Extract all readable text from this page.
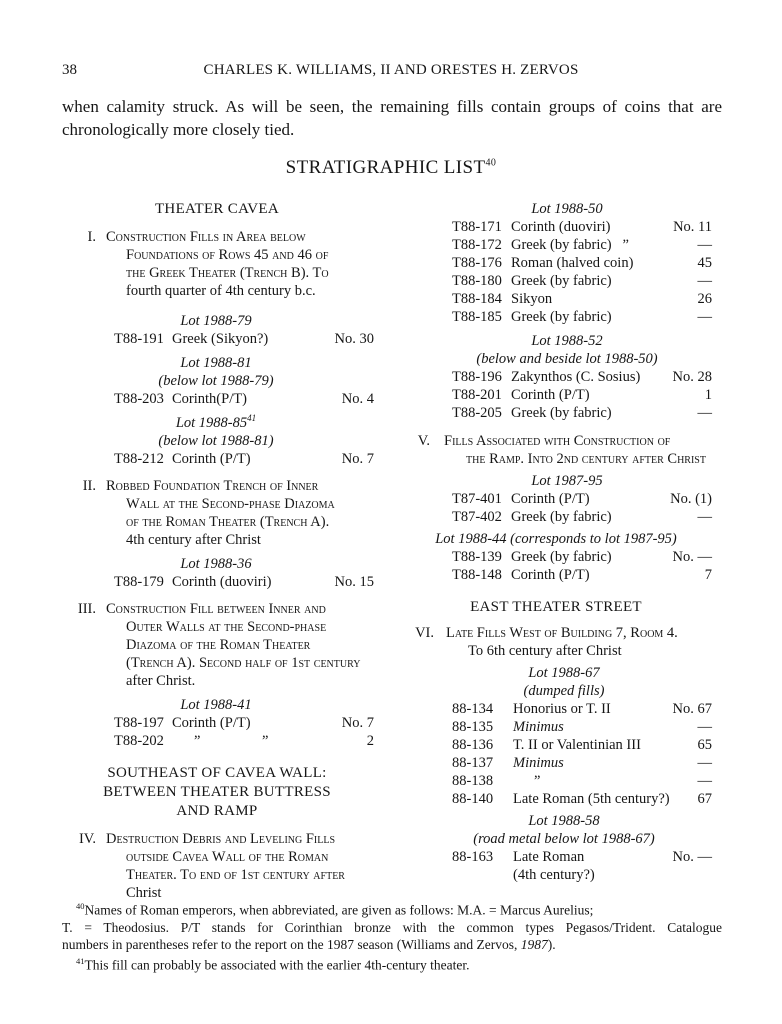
38	CHARLES K. WILLIAMS, II AND ORESTES H. ZERVOS
when calamity struck. As will be seen, the remaining fills contain groups of coins that are
chronologically more closely tied.
STRATIGRAPHIC LIST$^{40}$
THEATER CAVEA
I. Construction Fills in Area below
Foundations of Rows 45 and 46 of
the Greek Theater (Trench B). To
fourth quarter of 4th century b.c.
Lot 1988-79
T88-191 Greek (Sikyon?)	No. 30
Lot 1988-81
(below lot 1988-79)
T88-203 Corinth(P/T)	No. 4
Lot 1988-85$^{41}$
(below lot 1988-81)
T88-212 Corinth (P/T)	No. 7
II. Robbed Foundation Trench of Inner
Wall at the Second-phase Diazoma
of the Roman Theater (Trench A).
4th century after Christ
Lot 1988-36
T88-179 Corinth (duoviri)	No. 15
III. Construction Fill between Inner and
Outer Walls at the Second-phase
Diazoma of the Roman Theater
(Trench A). Second half of 1st century
after Christ.
Lot 1988-41
T88-197 Corinth (P/T)	No. 7
T88-202 ”	”	2
SOUTHEAST OF CAVEA WALL:
BETWEEN THEATER BUTTRESS
AND RAMP
IV. Destruction Debris and Leveling Fills
outside Cavea Wall of the Roman
Theater. To end of 1st century after
Christ
Lot 1988-50
T88-171 Corinth (duoviri)	No. 11
T88-172 Greek (by fabric)   ”	—
T88-176 Roman (halved coin)	45
T88-180 Greek (by fabric)	—
T88-184 Sikyon	26
T88-185 Greek (by fabric)	—
Lot 1988-52
(below and beside lot 1988-50)
T88-196 Zakynthos (C. Sosius) No. 28
T88-201 Corinth (P/T)	1
T88-205 Greek (by fabric)	—
V. Fills Associated with Construction of
the Ramp. Into 2nd century after Christ
Lot 1987-95
T87-401 Corinth (P/T)	No. (1)
T87-402 Greek (by fabric)	—
Lot 1988-44 (corresponds to lot 1987-95)
T88-139 Greek (by fabric)	No. —
T88-148 Corinth (P/T)	7
EAST THEATER STREET
VI. Late Fills West of Building 7, Room 4.
To 6th century after Christ
Lot 1988-67
(dumped fills)
88-134 Honorius or T. II	No. 67
88-135 Minimus	—
88-136 T. II or Valentinian III	65
88-137 Minimus	—
88-138	”	—
88-140 Late Roman (5th century?) 67
Lot 1988-58
(road metal below lot 1988-67)
88-163 Late Roman	No. —
(4th century?)

$^{40}$Names of Roman emperors, when abbreviated, are given as follows: M.A. = Marcus Aurelius;

T. = Theodosius. P/T stands for Corinthian bronze with the common types Pegasos/Trident. Catalogue
numbers in parentheses refer to the report on the 1987 season (Williams and Zervos, 1987).

$^{41}$This fill can probably be associated with the earlier 4th-century theater.
